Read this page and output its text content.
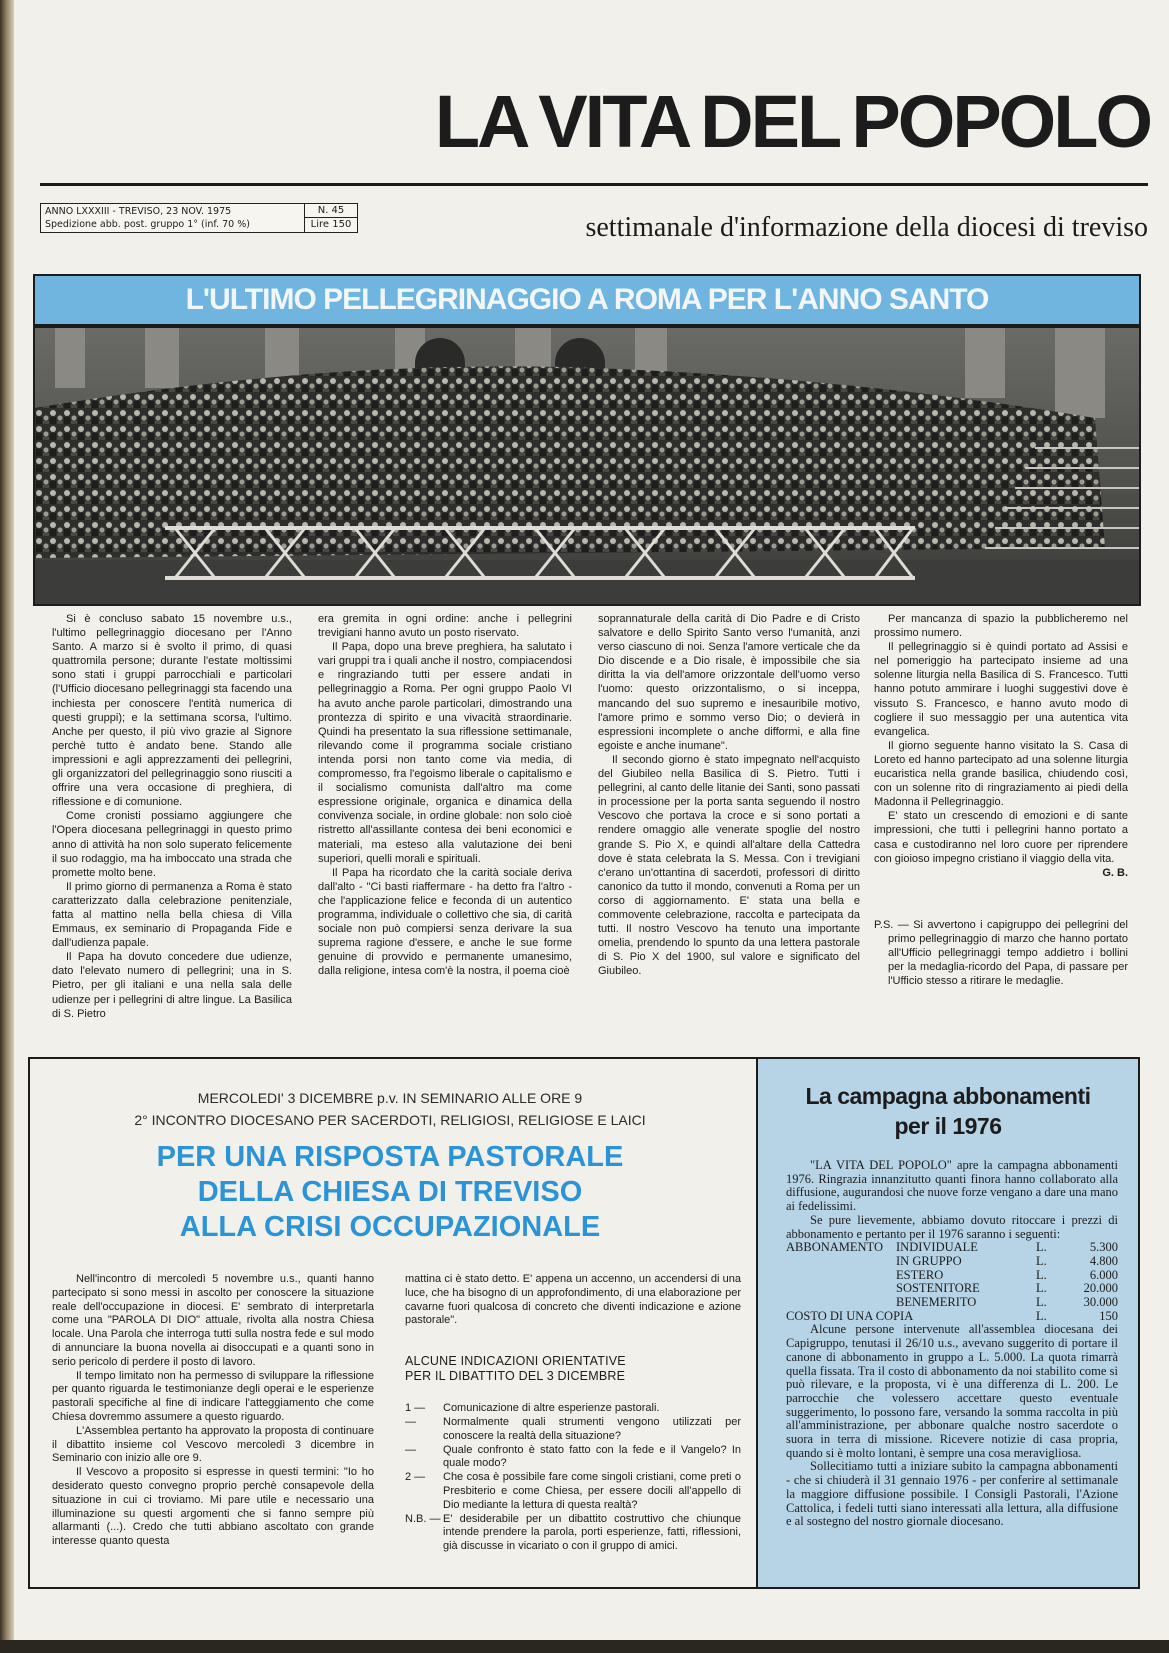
LA VITA DEL POPOLO
ANNO LXXXIII - TREVISO, 23 NOV. 1975
Spedizione abb. post. gruppo 1° (inf. 70 %)
N. 45
Lire 150	settimanale d'informazione della diocesi di treviso
L'ULTIMO PELLEGRINAGGIO A ROMA PER L'ANNO SANTO

Si è concluso sabato 15 novembre u.s., l'ultimo pellegrinaggio diocesano per l'Anno Santo. A marzo si è svolto il primo, di quasi quattromila persone; durante l'estate moltissimi sono stati i gruppi parrocchiali e particolari (l'Ufficio diocesano pellegrinaggi sta facendo una inchiesta per conoscere l'entità numerica di questi gruppi); e la settimana scorsa, l'ultimo. Anche per questo, il più vivo grazie al Signore perchè tutto è andato bene. Stando alle impressioni e agli apprezzamenti dei pellegrini, gli organizzatori del pellegrinaggio sono riusciti a offrire una vera occasione di preghiera, di riflessione e di comunione.

Come cronisti possiamo aggiungere che l'Opera diocesana pellegrinaggi in questo primo anno di attività ha non solo superato felicemente il suo rodaggio, ma ha imboccato una strada che promette molto bene.

Il primo giorno di permanenza a Roma è stato caratterizzato dalla celebrazione penitenziale, fatta al mattino nella bella chiesa di Villa Emmaus, ex seminario di Propaganda Fide e dall'udienza papale.

Il Papa ha dovuto concedere due udienze, dato l'elevato numero di pellegrini; una in S. Pietro, per gli italiani e una nella sala delle udienze per i pellegrini di altre lingue. La Basilica di S. Pietro

era gremita in ogni ordine: anche i pellegrini trevigiani hanno avuto un posto riservato.

Il Papa, dopo una breve preghiera, ha salutato i vari gruppi tra i quali anche il nostro, compiacendosi e ringraziando tutti per essere andati in pellegrinaggio a Roma. Per ogni gruppo Paolo VI ha avuto anche parole particolari, dimostrando una prontezza di spirito e una vivacità straordinarie. Quindi ha presentato la sua riflessione settimanale, rilevando come il programma sociale cristiano intenda porsi non tanto come via media, di compromesso, fra l'egoismo liberale o capitalismo e il socialismo comunista dall'altro ma come espressione originale, organica e dinamica della convivenza sociale, in ordine globale: non solo cioè ristretto all'assillante contesa dei beni economici e materiali, ma esteso alla valutazione dei beni superiori, quelli morali e spirituali.

Il Papa ha ricordato che la carità sociale deriva dall'alto - "Ci basti riaffermare - ha detto fra l'altro - che l'applicazione felice e feconda di un autentico programma, individuale o collettivo che sia, di carità sociale non può compiersi senza derivare la sua suprema ragione d'essere, e anche le sue forme genuine di provvido e permanente umanesimo, dalla religione, intesa com'è la nostra, il poema cioè

soprannaturale della carità di Dio Padre e di Cristo salvatore e dello Spirito Santo verso l'umanità, anzi verso ciascuno di noi. Senza l'amore verticale che da Dio discende e a Dio risale, è impossibile che sia diritta la via dell'amore orizzontale dell'uomo verso l'uomo: questo orizzontalismo, o si inceppa, mancando del suo supremo e inesauribile motivo, l'amore primo e sommo verso Dio; o devierà in espressioni incomplete o anche difformi, e alla fine egoiste e anche inumane".

Il secondo giorno è stato impegnato nell'acquisto del Giubileo nella Basilica di S. Pietro. Tutti i pellegrini, al canto delle litanie dei Santi, sono passati in processione per la porta santa seguendo il nostro Vescovo che portava la croce e si sono portati a rendere omaggio alle venerate spoglie del nostro grande S. Pio X, e quindi all'altare della Cattedra dove è stata celebrata la S. Messa. Con i trevigiani c'erano un'ottantina di sacerdoti, professori di diritto canonico da tutto il mondo, convenuti a Roma per un corso di aggiornamento. E' stata una bella e commovente celebrazione, raccolta e partecipata da tutti. Il nostro Vescovo ha tenuto una importante omelia, prendendo lo spunto da una lettera pastorale di S. Pio X del 1900, sul valore e significato del Giubileo.

Per mancanza di spazio la pubblicheremo nel prossimo numero.

Il pellegrinaggio si è quindi portato ad Assisi e nel pomeriggio ha partecipato insieme ad una solenne liturgia nella Basilica di S. Francesco. Tutti hanno potuto ammirare i luoghi suggestivi dove è vissuto S. Francesco, e hanno avuto modo di cogliere il suo messaggio per una autentica vita evangelica.

Il giorno seguente hanno visitato la S. Casa di Loreto ed hanno partecipato ad una solenne liturgia eucaristica nella grande basilica, chiudendo così, con un solenne rito di ringraziamento ai piedi della Madonna il Pellegrinaggio.

E' stato un crescendo di emozioni e di sante impressioni, che tutti i pellegrini hanno portato a casa e custodiranno nel loro cuore per riprendere con gioioso impegno cristiano il viaggio della vita.

G. B.

P.S. — Si avvertono i capigruppo dei pellegrini del primo pellegrinaggio di marzo che hanno portato all'Ufficio pellegrinaggi tempo addietro i bollini per la medaglia-ricordo del Papa, di passare per l'Ufficio stesso a ritirare le medaglie.

MERCOLEDI' 3 DICEMBRE p.v. IN SEMINARIO ALLE ORE 9
2° INCONTRO DIOCESANO PER SACERDOTI, RELIGIOSI, RELIGIOSE E LAICI
PER UNA RISPOSTA PASTORALE
DELLA CHIESA DI TREVISO
ALLA CRISI OCCUPAZIONALE

Nell'incontro di mercoledì 5 novembre u.s., quanti hanno partecipato si sono messi in ascolto per conoscere la situazione reale dell'occupazione in diocesi. E' sembrato di interpretarla come una "PAROLA DI DIO" attuale, rivolta alla nostra Chiesa locale. Una Parola che interroga tutti sulla nostra fede e sul modo di annunciare la buona novella ai disoccupati e a quanti sono in serio pericolo di perdere il posto di lavoro.

Il tempo limitato non ha permesso di sviluppare la riflessione per quanto riguarda le testimonianze degli operai e le esperienze pastorali specifiche al fine di indicare l'atteggiamento che come Chiesa dovremmo assumere a questo riguardo.

L'Assemblea pertanto ha approvato la proposta di continuare il dibattito insieme col Vescovo mercoledì 3 dicembre in Seminario con inizio alle ore 9.

Il Vescovo a proposito si espresse in questi termini: "Io ho desiderato questo convegno proprio perchè consapevole della situazione in cui ci troviamo. Mi pare utile e necessario una illuminazione su questi argomenti che si fanno sempre più allarmanti (...). Credo che tutti abbiano ascoltato con grande interesse quanto questa

mattina ci è stato detto. E' appena un accenno, un accendersi di una luce, che ha bisogno di un approfondimento, di una elaborazione per cavarne fuori qualcosa di concreto che diventi indicazione e azione pastorale".

ALCUNE INDICAZIONI ORIENTATIVE
PER IL DIBATTITO DEL 3 DICEMBRE

1 —	Comunicazione di altre esperienze pastorali.

—	Normalmente quali strumenti vengono utilizzati per conoscere la realtà della situazione?

—	Quale confronto è stato fatto con la fede e il Vangelo? In quale modo?

2 —	Che cosa è possibile fare come singoli cristiani, come preti o Presbiterio e come Chiesa, per essere docili all'appello di Dio mediante la lettura di questa realtà?

N.B. — E' desiderabile per un dibattito costruttivo che chiunque intende prendere la parola, porti esperienze, fatti, riflessioni, già discusse in vicariato o con il gruppo di amici.

La campagna abbonamenti
per il 1976

"LA VITA DEL POPOLO" apre la campagna abbonamenti 1976. Ringrazia innanzitutto quanti finora hanno collaborato alla diffusione, augurandosi che nuove forze vengano a dare una mano ai fedelissimi.

Se pure lievemente, abbiamo dovuto ritoccare i prezzi di abbonamento e pertanto per il 1976 saranno i seguenti:

ABBONAMENTO	INDIVIDUALE	L.	5.300
	IN GRUPPO	L.	4.800
	ESTERO	L.	6.000
	SOSTENITORE	L.	20.000
	BENEMERITO	L.	30.000
COSTO DI UNA COPIA		L.	150

Alcune persone intervenute all'assemblea diocesana dei Capigruppo, tenutasi il 26/10 u.s., avevano suggerito di portare il canone di abbonamento in gruppo a L. 5.000. La quota rimarrà quella fissata. Tra il costo di abbonamento da noi stabilito come si può rilevare, e la proposta, vi è una differenza di L. 200. Le parrocchie che volessero accettare questo eventuale suggerimento, lo possono fare, versando la somma raccolta in più all'amministrazione, per abbonare qualche nostro sacerdote o suora in terra di missione. Ricevere notizie di casa propria, quando si è molto lontani, è sempre una cosa meravigliosa.

Sollecitiamo tutti a iniziare subito la campagna abbonamenti - che si chiuderà il 31 gennaio 1976 - per conferire al settimanale la maggiore diffusione possibile. I Consigli Pastorali, l'Azione Cattolica, i fedeli tutti siano interessati alla lettura, alla diffusione e al sostegno del nostro giornale diocesano.
